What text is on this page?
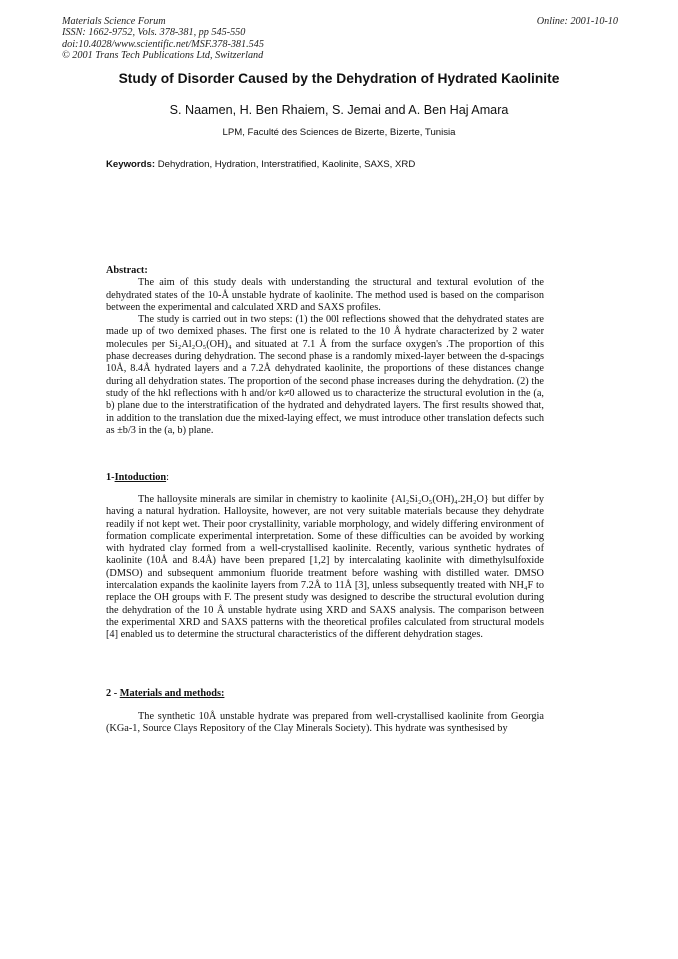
Materials Science Forum
ISSN: 1662-9752, Vols. 378-381, pp 545-550
doi:10.4028/www.scientific.net/MSF.378-381.545
© 2001 Trans Tech Publications Ltd, Switzerland
Online: 2001-10-10
Study of Disorder Caused by the Dehydration of Hydrated Kaolinite
S. Naamen, H. Ben Rhaiem, S. Jemai and A. Ben Haj Amara
LPM, Faculté des Sciences de Bizerte, Bizerte, Tunisia
Keywords: Dehydration, Hydration, Interstratified, Kaolinite, SAXS, XRD

Abstract:

The aim of this study deals with understanding the structural and textural evolution of the dehydrated states of the 10-Å unstable hydrate of kaolinite. The method used is based on the comparison between the experimental and calculated XRD and SAXS profiles.

The study is carried out in two steps: (1) the 00l reflections showed that the dehydrated states are made up of two demixed phases. The first one is related to the 10 Å hydrate characterized by 2 water molecules per Si₂Al₂O₅(OH)₄ and situated at 7.1 Å from the surface oxygen's .The proportion of this phase decreases during dehydration. The second phase is a randomly mixed-layer between the d-spacings 10Å, 8.4Å hydrated layers and a 7.2Å dehydrated kaolinite, the proportions of these distances change during all dehydration states. The proportion of the second phase increases during the dehydration. (2) the study of the hkl reflections with h and/or k≠0 allowed us to characterize the structural evolution in the (a, b) plane due to the interstratification of the hydrated and dehydrated layers. The first results showed that, in addition to the translation due the mixed-laying effect, we must introduce other translation defects such as ±b/3 in the (a, b) plane.

1-Intoduction:

The halloysite minerals are similar in chemistry to kaolinite {Al₂Si₂O₅(OH)₄.2H₂O} but differ by having a natural hydration. Halloysite, however, are not very suitable materials because they dehydrate readily if not kept wet. Their poor crystallinity, variable morphology, and widely differing environment of formation complicate experimental interpretation. Some of these difficulties can be avoided by working with hydrated clay formed from a well-crystallised kaolinite. Recently, various synthetic hydrates of kaolinite (10Å and 8.4Å) have been prepared [1,2] by intercalating kaolinite with dimethylsulfoxide (DMSO) and subsequent ammonium fluoride treatment before washing with distilled water. DMSO intercalation expands the kaolinite layers from 7.2Å to 11Å [3], unless subsequently treated with NH₄F to replace the OH groups with F. The present study was designed to describe the structural evolution during the dehydration of the 10 Å unstable hydrate using XRD and SAXS analysis. The comparison between the experimental XRD and SAXS patterns with the theoretical profiles calculated from structural models [4] enabled us to determine the structural characteristics of the different dehydration stages.

2 - Materials and methods:

The synthetic 10Å unstable hydrate was prepared from well-crystallised kaolinite from Georgia (KGa-1, Source Clays Repository of the Clay Minerals Society). This hydrate was synthesised by
